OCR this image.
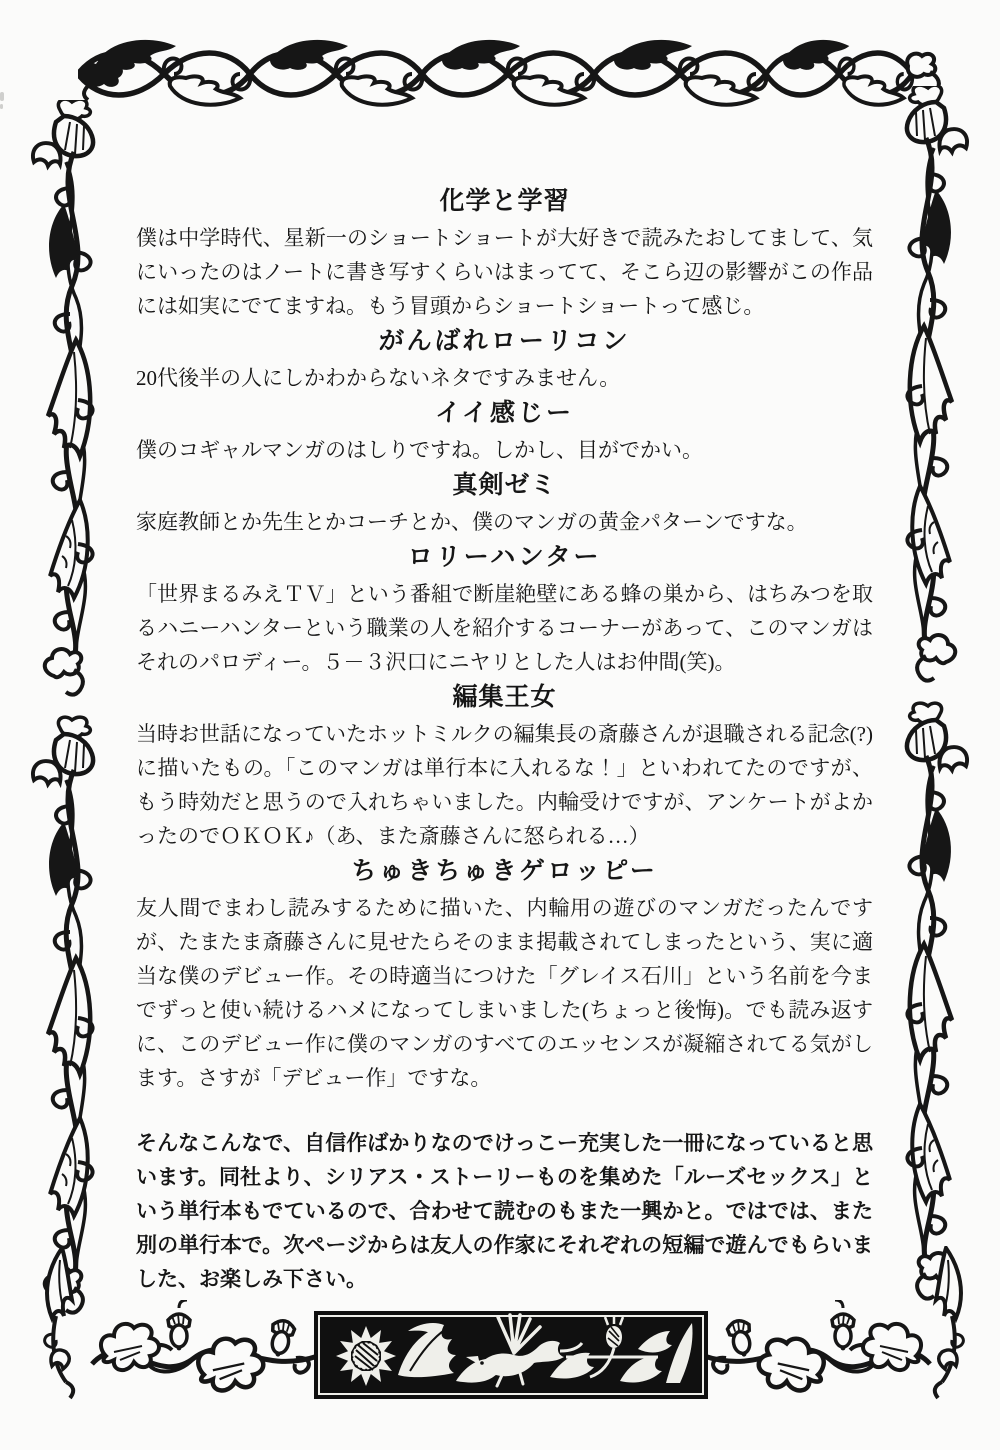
化学と学習

僕は中学時代、星新一のショートショートが大好きで読みたおしてまして、気にいったのはノートに書き写すくらいはまってて、そこら辺の影響がこの作品には如実にでてますね。もう冒頭からショートショートって感じ。

がんばれローリコン

20代後半の人にしかわからないネタですみません。

イイ感じー

僕のコギャルマンガのはしりですね。しかし、目がでかい。

真剣ゼミ

家庭教師とか先生とかコーチとか、僕のマンガの黄金パターンですな。

ロリーハンター

「世界まるみえＴＶ」という番組で断崖絶壁にある蜂の巣から、はちみつを取るハニーハンターという職業の人を紹介するコーナーがあって、このマンガはそれのパロディー。５－３沢口にニヤリとした人はお仲間(笑)。

編集王女

当時お世話になっていたホットミルクの編集長の斎藤さんが退職される記念(?)に描いたもの。「このマンガは単行本に入れるな！」といわれてたのですが、もう時効だと思うので入れちゃいました。内輪受けですが、アンケートがよかったのでＯＫＯＫ♪（あ、また斎藤さんに怒られる…）

ちゅきちゅきゲロッピー

友人間でまわし読みするために描いた、内輪用の遊びのマンガだったんですが、たまたま斎藤さんに見せたらそのまま掲載されてしまったという、実に適当な僕のデビュー作。その時適当につけた「グレイス石川」という名前を今までずっと使い続けるハメになってしまいました(ちょっと後悔)。でも読み返すに、このデビュー作に僕のマンガのすべてのエッセンスが凝縮されてる気がします。さすが「デビュー作」ですな。

そんなこんなで、自信作ばかりなのでけっこー充実した一冊になっていると思います。同社より、シリアス・ストーリーものを集めた「ルーズセックス」という単行本もでているので、合わせて読むのもまた一興かと。ではでは、また別の単行本で。次ページからは友人の作家にそれぞれの短編で遊んでもらいました、お楽しみ下さい。
